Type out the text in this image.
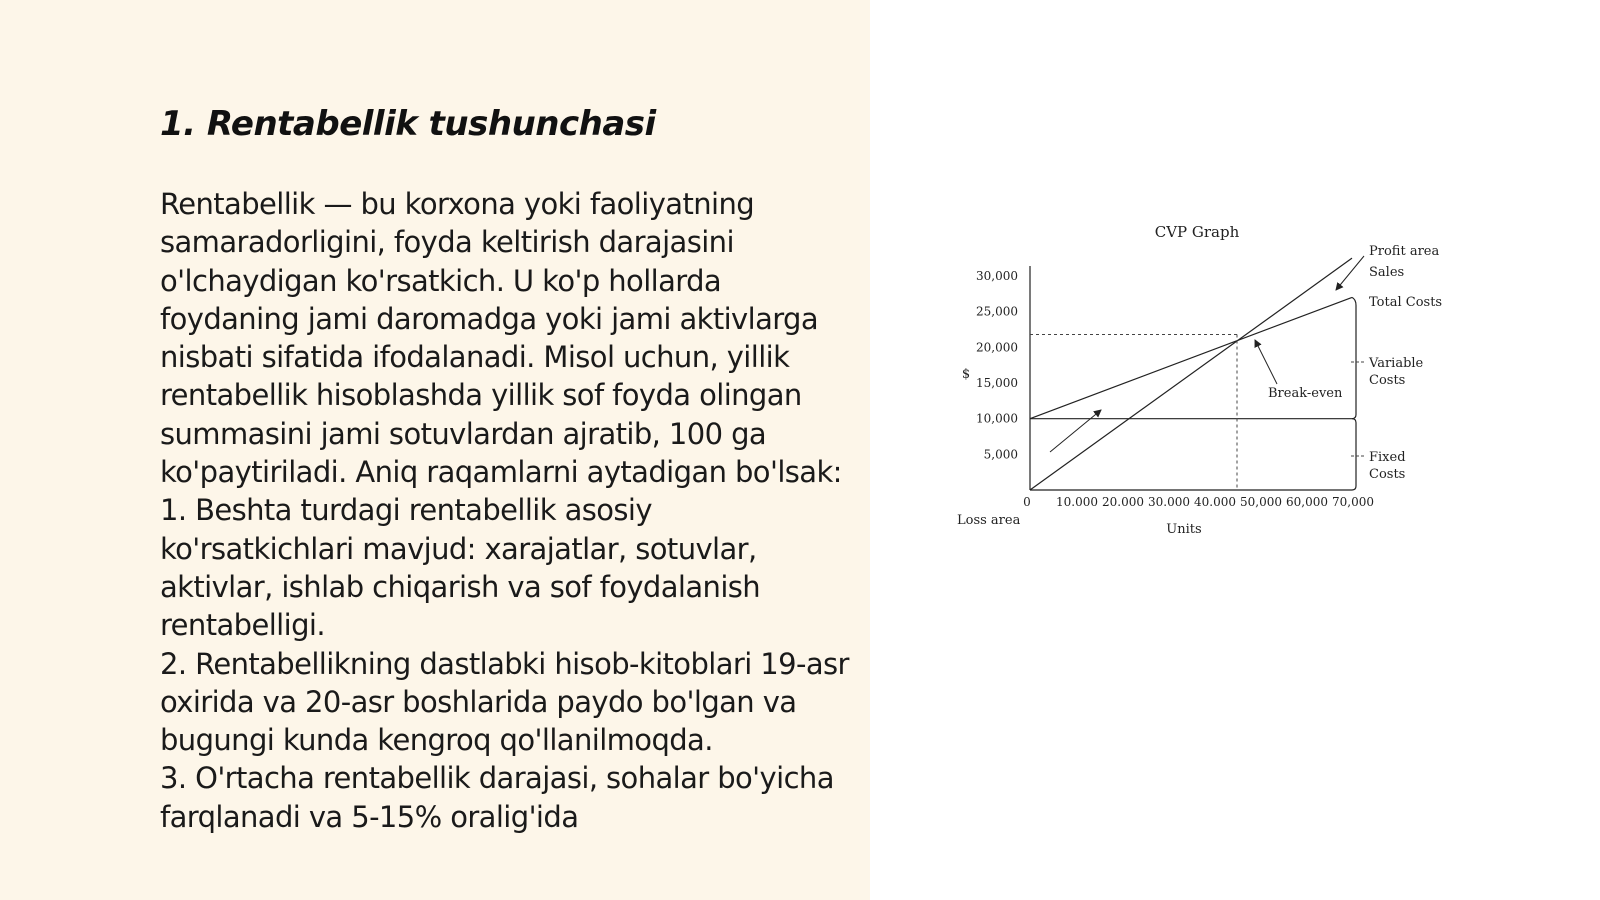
1. Rentabellik tushunchasi

Rentabellik — bu korxona yoki faoliyatning samaradorligini, foyda keltirish darajasini o'lchaydigan ko'rsatkich. U ko'p hollarda foydaning jami daromadga yoki jami aktivlarga nisbati sifatida ifodalanadi. Misol uchun, yillik rentabellik hisoblashda yillik sof foyda olingan summasini jami sotuvlardan ajratib, 100 ga ko'paytiriladi. Aniq raqamlarni aytadigan bo'lsak:

1. Beshta turdagi rentabellik asosiy ko'rsatkichlari mavjud: xarajatlar, sotuvlar, aktivlar, ishlab chiqarish va sof foydalanish rentabelligi.

2. Rentabellikning dastlabki hisob-kitoblari 19-asr oxirida va 20-asr boshlarida paydo bo'lgan va bugungi kunda kengroq qo'llanilmoqda.

3. O'rtacha rentabellik darajasi, sohalar bo'yicha farqlanadi va 5-15% oralig'ida

CVP Graph
$
Units
0 10.000 20.000 30.000 40.000 50,000 60,000 70,000
5,000
10,000
15,000
20,000
25,000
30,000
Profit area
Sales
Total Costs
Variable
Costs
Fixed
Costs
Break-even
Loss area
